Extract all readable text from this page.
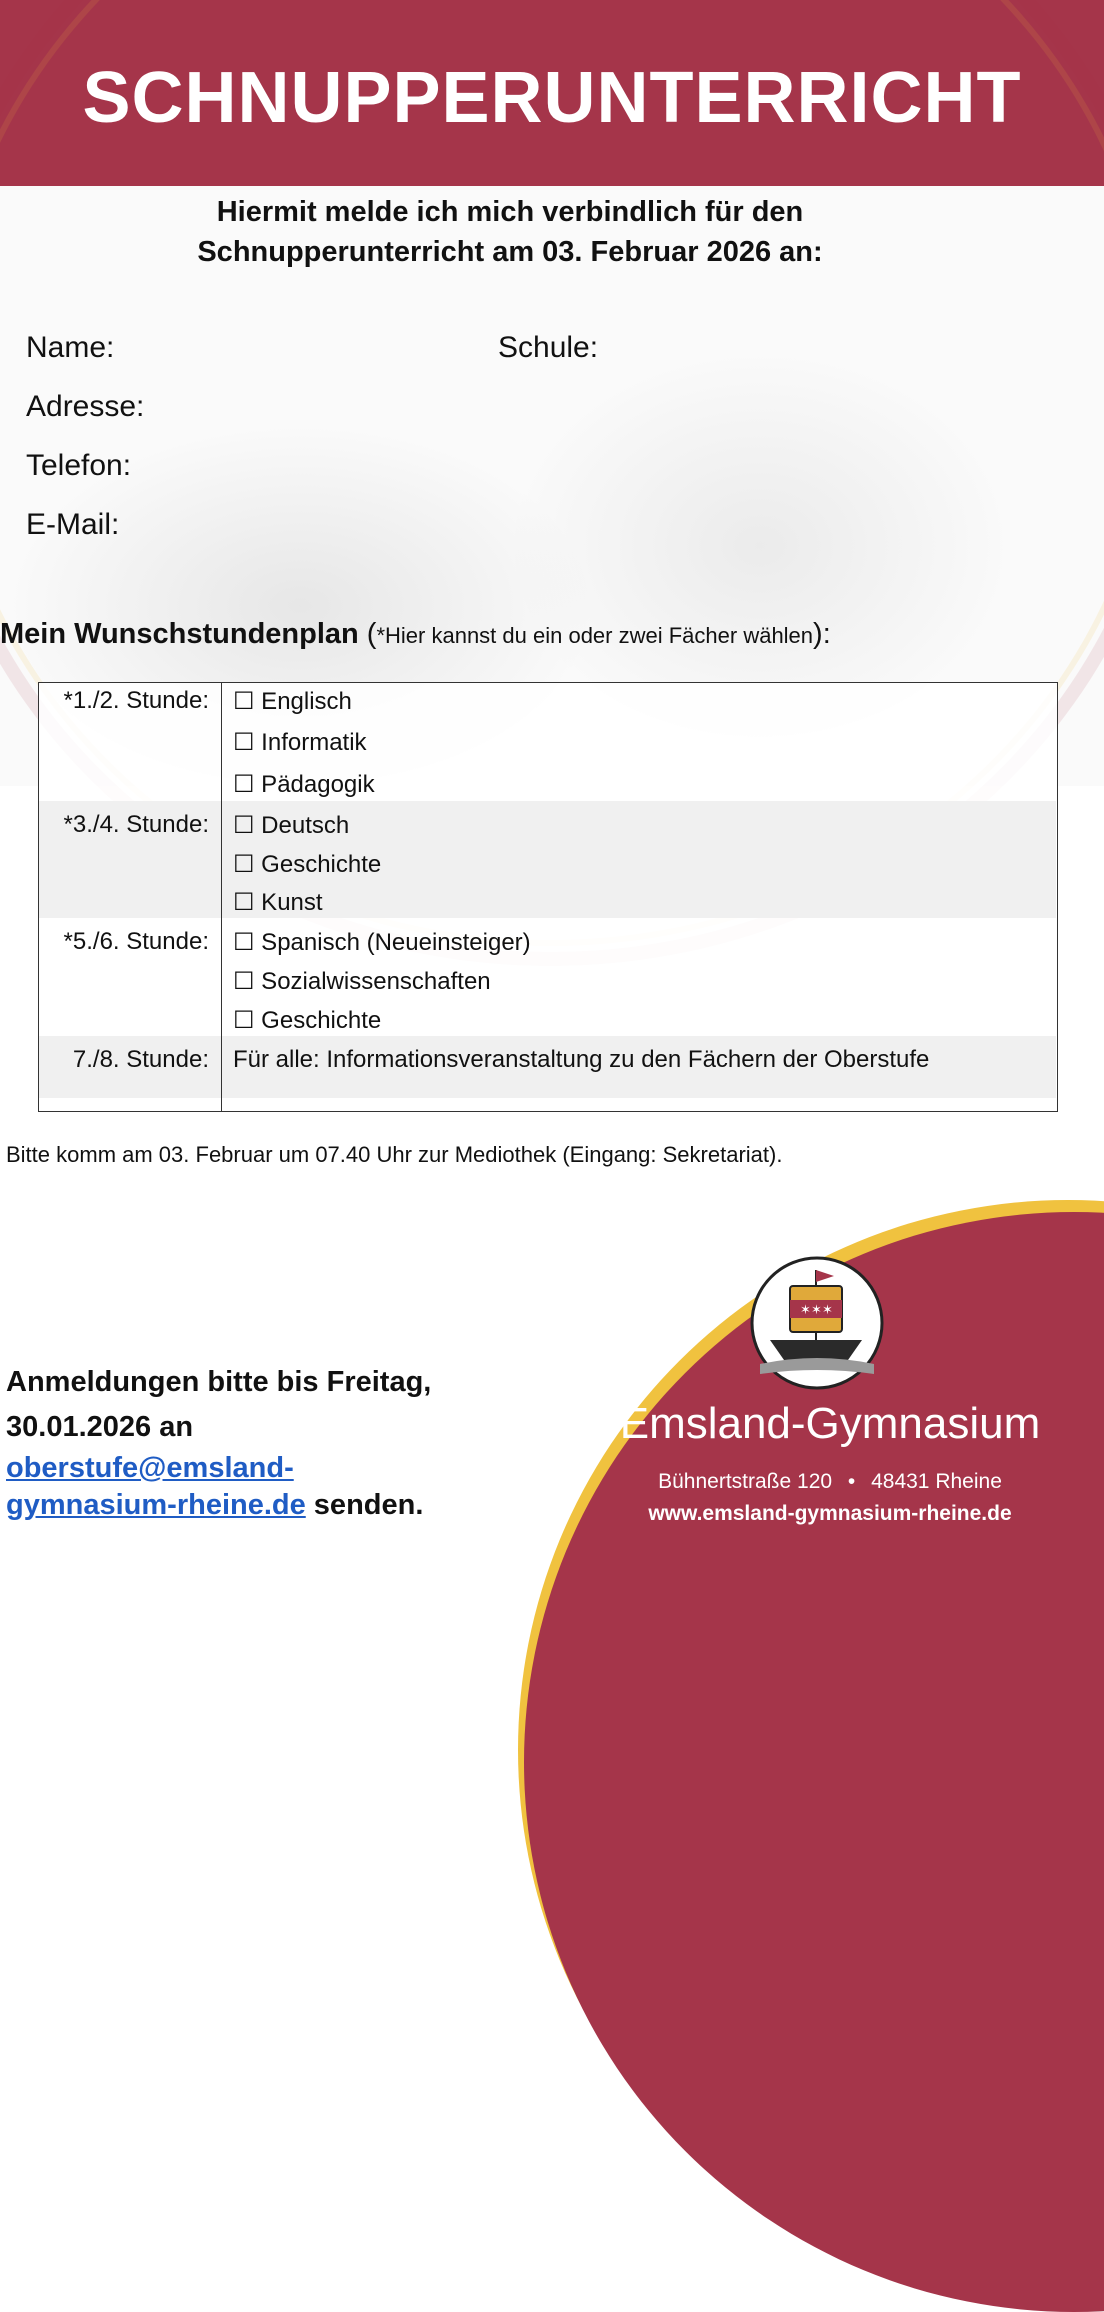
SCHNUPPERUNTERRICHT
Hiermit melde ich mich verbindlich für den
Schnupperunterricht am 03. Februar 2026 an:
Name:	Schule:
Adresse:
Telefon:
E-Mail:
Mein Wunschstundenplan (*Hier kannst du ein oder zwei Fächer wählen):
*1./2. Stunde: ☐ Englisch
☐ Informatik
☐ Pädagogik
*3./4. Stunde: ☐ Deutsch
☐ Geschichte
☐ Kunst
*5./6. Stunde: ☐ Spanisch (Neueinsteiger)
☐ Sozialwissenschaften
☐ Geschichte
7./8. Stunde: Für alle: Informationsveranstaltung zu den Fächern der Oberstufe
Bitte komm am 03. Februar um 07.40 Uhr zur Mediothek (Eingang: Sekretariat).
Anmeldungen bitte bis Freitag,
30.01.2026 an
oberstufe@emsland-
gymnasium-rheine.de senden.
✶ ✶ ✶
Emsland-Gymnasium
Bühnertstraße 120 • 48431 Rheine
www.emsland-gymnasium-rheine.de
